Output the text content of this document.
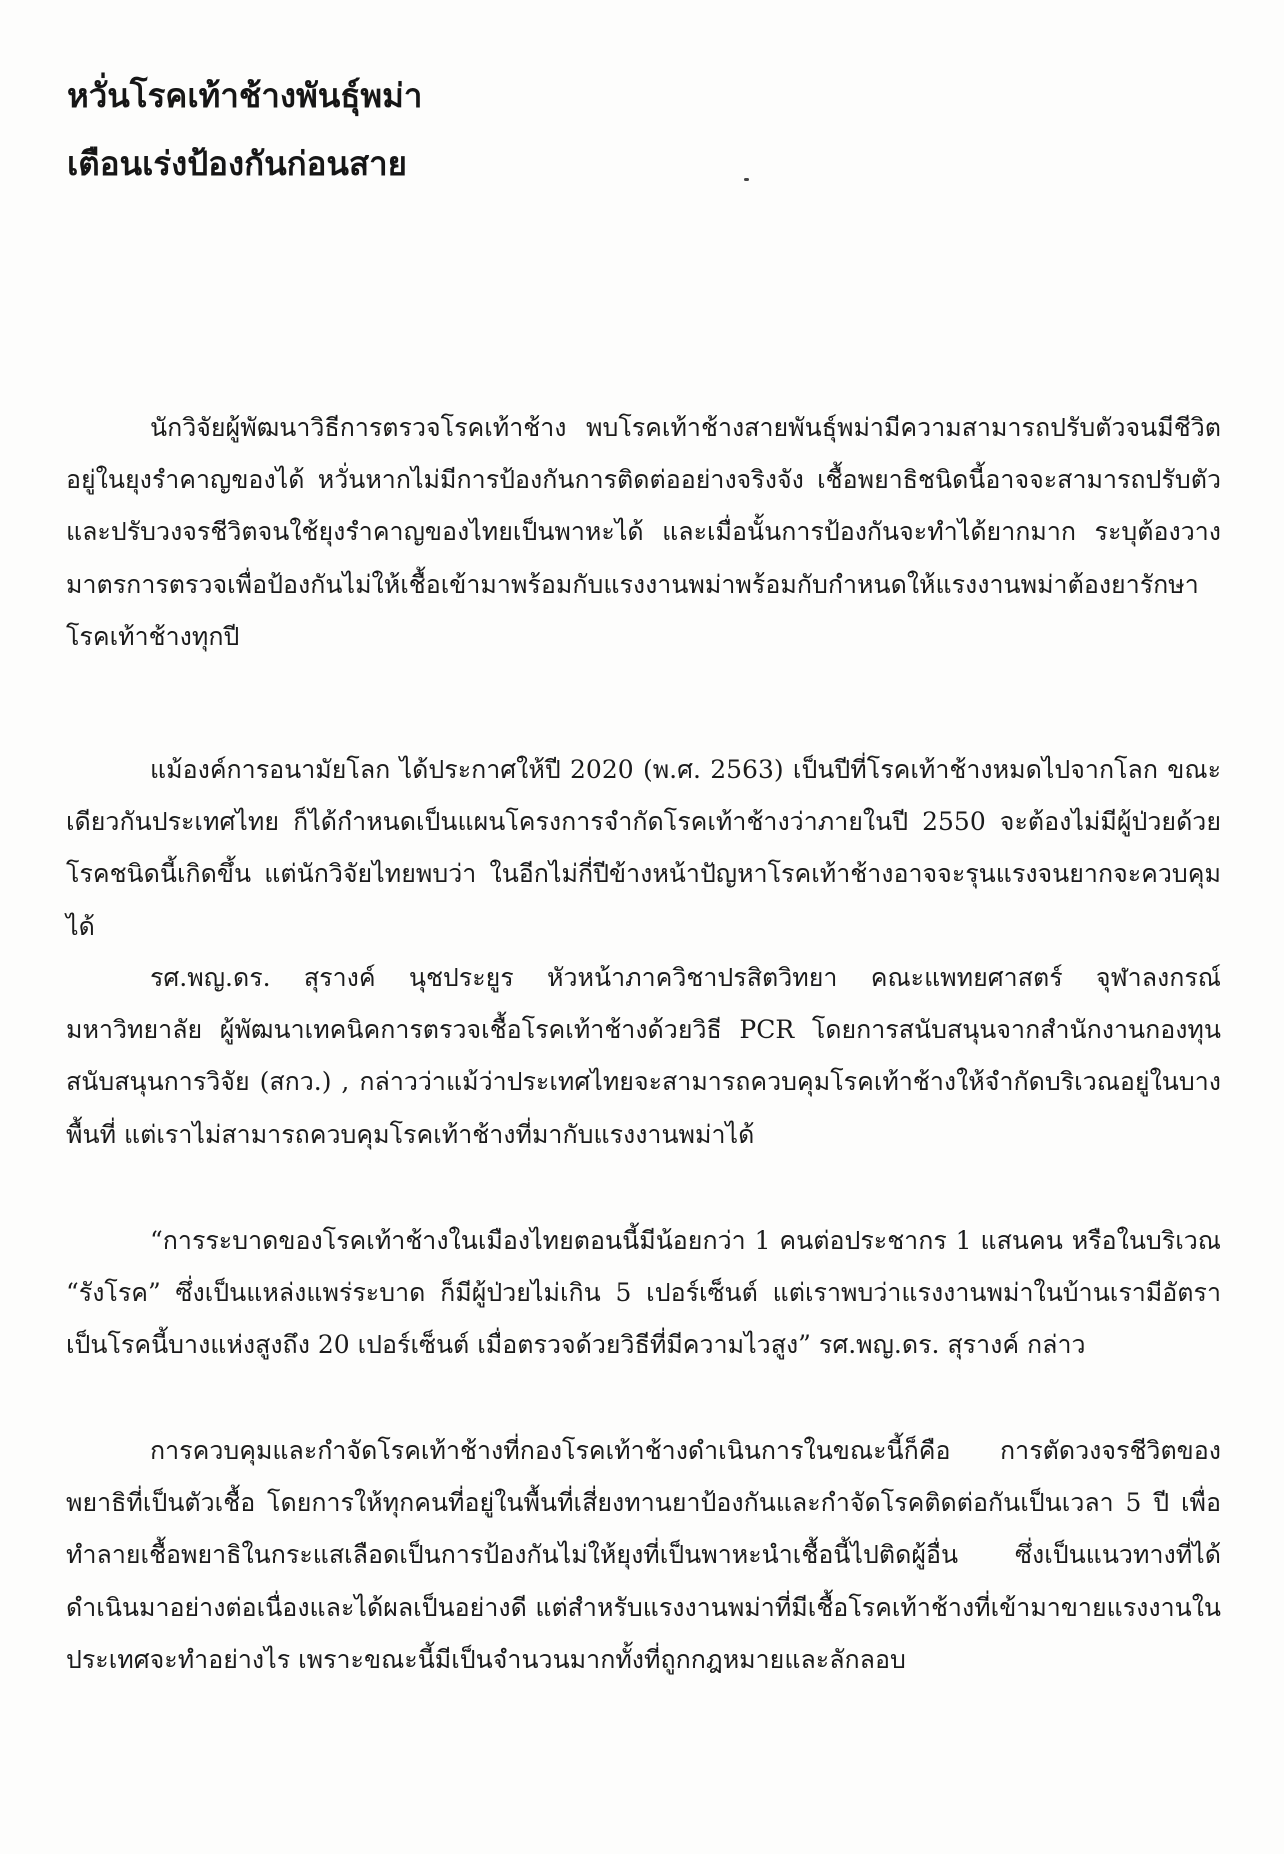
หวั่นโรคเท้าช้างพันธุ์พม่า
เตือนเร่งป้องกันก่อนสาย

นักวิจัยผู้พัฒนาวิธีการตรวจโรคเท้าช้าง พบโรคเท้าช้างสายพันธุ์พม่ามีความสามารถปรับตัวจนมีชีวิตอยู่ในยุงรำคาญของได้ หวั่นหากไม่มีการป้องกันการติดต่ออย่างจริงจัง เชื้อพยาธิชนิดนี้อาจจะสามารถปรับตัวและปรับวงจรชีวิตจนใช้ยุงรำคาญของไทยเป็นพาหะได้ และเมื่อนั้นการป้องกันจะทำได้ยากมาก ระบุต้องวางมาตรการตรวจเพื่อป้องกันไม่ให้เชื้อเข้ามาพร้อมกับแรงงานพม่าพร้อมกับกำหนดให้แรงงานพม่าต้องยารักษาโรคเท้าช้างทุกปี

แม้องค์การอนามัยโลก ได้ประกาศให้ปี 2020 (พ.ศ. 2563) เป็นปีที่โรคเท้าช้างหมดไปจากโลก ขณะเดียวกันประเทศไทย ก็ได้กำหนดเป็นแผนโครงการจำกัดโรคเท้าช้างว่าภายในปี 2550 จะต้องไม่มีผู้ป่วยด้วยโรคชนิดนี้เกิดขึ้น แต่นักวิจัยไทยพบว่า ในอีกไม่กี่ปีข้างหน้าปัญหาโรคเท้าช้างอาจจะรุนแรงจนยากจะควบคุมได้

รศ.พญ.ดร. สุรางค์ นุชประยูร หัวหน้าภาควิชาปรสิตวิทยา คณะแพทยศาสตร์ จุฬาลงกรณ์มหาวิทยาลัย ผู้พัฒนาเทคนิคการตรวจเชื้อโรคเท้าช้างด้วยวิธี PCR โดยการสนับสนุนจากสำนักงานกองทุนสนับสนุนการวิจัย (สกว.) , กล่าวว่าแม้ว่าประเทศไทยจะสามารถควบคุมโรคเท้าช้างให้จำกัดบริเวณอยู่ในบางพื้นที่ แต่เราไม่สามารถควบคุมโรคเท้าช้างที่มากับแรงงานพม่าได้

“การระบาดของโรคเท้าช้างในเมืองไทยตอนนี้มีน้อยกว่า 1 คนต่อประชากร 1 แสนคน หรือในบริเวณ “รังโรค” ซึ่งเป็นแหล่งแพร่ระบาด ก็มีผู้ป่วยไม่เกิน 5 เปอร์เซ็นต์ แต่เราพบว่าแรงงานพม่าในบ้านเรามีอัตราเป็นโรคนี้บางแห่งสูงถึง 20 เปอร์เซ็นต์ เมื่อตรวจด้วยวิธีที่มีความไวสูง” รศ.พญ.ดร. สุรางค์ กล่าว

การควบคุมและกำจัดโรคเท้าช้างที่กองโรคเท้าช้างดำเนินการในขณะนี้ก็คือ การตัดวงจรชีวิตของพยาธิที่เป็นตัวเชื้อ โดยการให้ทุกคนที่อยู่ในพื้นที่เสี่ยงทานยาป้องกันและกำจัดโรคติดต่อกันเป็นเวลา 5 ปี เพื่อทำลายเชื้อพยาธิในกระแสเลือดเป็นการป้องกันไม่ให้ยุงที่เป็นพาหะนำเชื้อนี้ไปติดผู้อื่น ซึ่งเป็นแนวทางที่ได้ดำเนินมาอย่างต่อเนื่องและได้ผลเป็นอย่างดี แต่สำหรับแรงงานพม่าที่มีเชื้อโรคเท้าช้างที่เข้ามาขายแรงงานในประเทศจะทำอย่างไร เพราะขณะนี้มีเป็นจำนวนมากทั้งที่ถูกกฎหมายและลักลอบ
